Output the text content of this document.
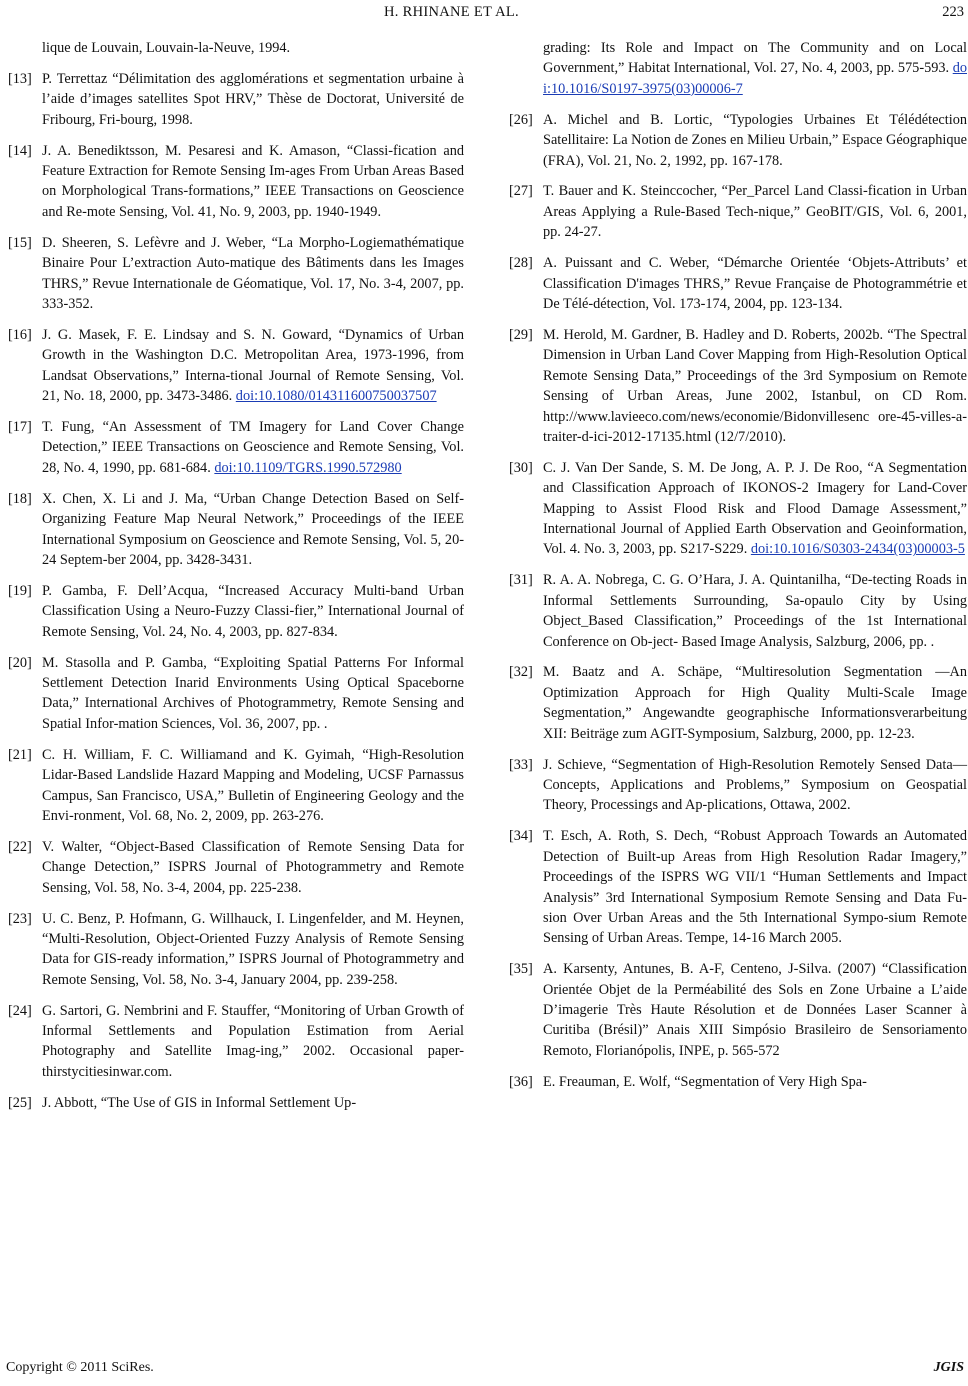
H. RHINANE ET AL.	223
lique de Louvain, Louvain-la-Neuve, 1994.
[13] P. Terrettaz “Délimitation des agglomérations et segmentation urbaine à l’aide d’images satellites Spot HRV,” Thèse de Doctorat, Université de Fribourg, Fri-bourg, 1998.
[14] J. A. Benediktsson, M. Pesaresi and K. Amason, “Classi-fication and Feature Extraction for Remote Sensing Im-ages From Urban Areas Based on Morphological Trans-formations,” IEEE Transactions on Geoscience and Re-mote Sensing, Vol. 41, No. 9, 2003, pp. 1940-1949.
[15] D. Sheeren, S. Lefèvre and J. Weber, “La Morpho-Logiemathématique Binaire Pour L’extraction Auto-matique des Bâtiments dans les Images THRS,” Revue Internationale de Géomatique, Vol. 17, No. 3-4, 2007, pp. 333-352.
[16] J. G. Masek, F. E. Lindsay and S. N. Goward, “Dynamics of Urban Growth in the Washington D.C. Metropolitan Area, 1973-1996, from Landsat Observations,” Interna-tional Journal of Remote Sensing, Vol. 21, No. 18, 2000, pp. 3473-3486. doi:10.1080/014311600750037507
[17] T. Fung, “An Assessment of TM Imagery for Land Cover Change Detection,” IEEE Transactions on Geoscience and Remote Sensing, Vol. 28, No. 4, 1990, pp. 681-684. doi:10.1109/TGRS.1990.572980
[18] X. Chen, X. Li and J. Ma, “Urban Change Detection Based on Self-Organizing Feature Map Neural Network,” Proceedings of the IEEE International Symposium on Geoscience and Remote Sensing, Vol. 5, 20-24 Septem-ber 2004, pp. 3428-3431.
[19] P. Gamba, F. Dell’Acqua, “Increased Accuracy Multi-band Urban Classification Using a Neuro-Fuzzy Classi-fier,” International Journal of Remote Sensing, Vol. 24, No. 4, 2003, pp. 827-834.
[20] M. Stasolla and P. Gamba, “Exploiting Spatial Patterns For Informal Settlement Detection Inarid Environments Using Optical Spaceborne Data,” International Archives of Photogrammetry, Remote Sensing and Spatial Infor-mation Sciences, Vol. 36, 2007, pp. .
[21] C. H. William, F. C. Williamand and K. Gyimah, “High-Resolution Lidar-Based Landslide Hazard Mapping and Modeling, UCSF Parnassus Campus, San Francisco, USA,” Bulletin of Engineering Geology and the Envi-ronment, Vol. 68, No. 2, 2009, pp. 263-276.
[22] V. Walter, “Object-Based Classification of Remote Sensing Data for Change Detection,” ISPRS Journal of Photogrammetry and Remote Sensing, Vol. 58, No. 3-4, 2004, pp. 225-238.
[23] U. C. Benz, P. Hofmann, G. Willhauck, I. Lingenfelder, and M. Heynen, “Multi-Resolution, Object-Oriented Fuzzy Analysis of Remote Sensing Data for GIS-ready information,” ISPRS Journal of Photogrammetry and Remote Sensing, Vol. 58, No. 3-4, January 2004, pp. 239-258.
[24] G. Sartori, G. Nembrini and F. Stauffer, “Monitoring of Urban Growth of Informal Settlements and Population Estimation from Aerial Photography and Satellite Imag-ing,” 2002. Occasional paper-thirstycitiesinwar.com.
[25] J. Abbott, “The Use of GIS in Informal Settlement Up-
grading: Its Role and Impact on The Community and on Local Government,” Habitat International, Vol. 27, No. 4, 2003, pp. 575-593. doi:10.1016/S0197-3975(03)00006-7
[26] A. Michel and B. Lortic, “Typologies Urbaines Et Télédétection Satellitaire: La Notion de Zones en Milieu Urbain,” Espace Géographique (FRA), Vol. 21, No. 2, 1992, pp. 167-178.
[27] T. Bauer and K. Steinccocher, “Per_Parcel Land Classi-fication in Urban Areas Applying a Rule-Based Tech-nique,” GeoBIT/GIS, Vol. 6, 2001, pp. 24-27.
[28] A. Puissant and C. Weber, “Démarche Orientée ‘Objets-Attributs’ et Classification D'images THRS,” Revue Française de Photogrammétrie et De Télé-détection, Vol. 173-174, 2004, pp. 123-134.
[29] M. Herold, M. Gardner, B. Hadley and D. Roberts, 2002b. “The Spectral Dimension in Urban Land Cover Mapping from High-Resolution Optical Remote Sensing Data,” Proceedings of the 3rd Symposium on Remote Sensing of Urban Areas, June 2002, Istanbul, on CD Rom. http://www.lavieeco.com/news/economie/Bidonvillesenc ore-45-villes-a-traiter-d-ici-2012-17135.html (12/7/2010).
[30] C. J. Van Der Sande, S. M. De Jong, A. P. J. De Roo, “A Segmentation and Classification Approach of IKONOS-2 Imagery for Land-Cover Mapping to Assist Flood Risk and Flood Damage Assessment,” International Journal of Applied Earth Observation and Geoinformation, Vol. 4. No. 3, 2003, pp. S217-S229. doi:10.1016/S0303-2434(03)00003-5
[31] R. A. A. Nobrega, C. G. O’Hara, J. A. Quintanilha, “De-tecting Roads in Informal Settlements Surrounding, Sa-opaulo City by Using Object_Based Classification,” Proceedings of the 1st International Conference on Ob-ject- Based Image Analysis, Salzburg, 2006, pp. .
[32] M. Baatz and A. Schäpe, “Multiresolution Segmentation —An Optimization Approach for High Quality Multi-Scale Image Segmentation,” Angewandte geographische Informationsverarbeitung XII: Beiträge zum AGIT-Symposium, Salzburg, 2000, pp. 12-23.
[33] J. Schieve, “Segmentation of High-Resolution Remotely Sensed Data—Concepts, Applications and Problems,” Symposium on Geospatial Theory, Processings and Ap-plications, Ottawa, 2002.
[34] T. Esch, A. Roth, S. Dech, “Robust Approach Towards an Automated Detection of Built-up Areas from High Resolution Radar Imagery,” Proceedings of the ISPRS WG VII/1 “Human Settlements and Impact Analysis” 3rd International Symposium Remote Sensing and Data Fu-sion Over Urban Areas and the 5th International Sympo-sium Remote Sensing of Urban Areas. Tempe, 14-16 March 2005.
[35] A. Karsenty, Antunes, B. A-F, Centeno, J-Silva. (2007) “Classification Orientée Objet de la Perméabilité des Sols en Zone Urbaine a L’aide D’imagerie Très Haute Résolution et de Données Laser Scanner à Curitiba (Brésil)” Anais XIII Simpósio Brasileiro de Sensoriamento Remoto, Florianópolis, INPE, p. 565-572
[36] E. Freauman, E. Wolf, “Segmentation of Very High Spa-
Copyright © 2011 SciRes.	JGIS
